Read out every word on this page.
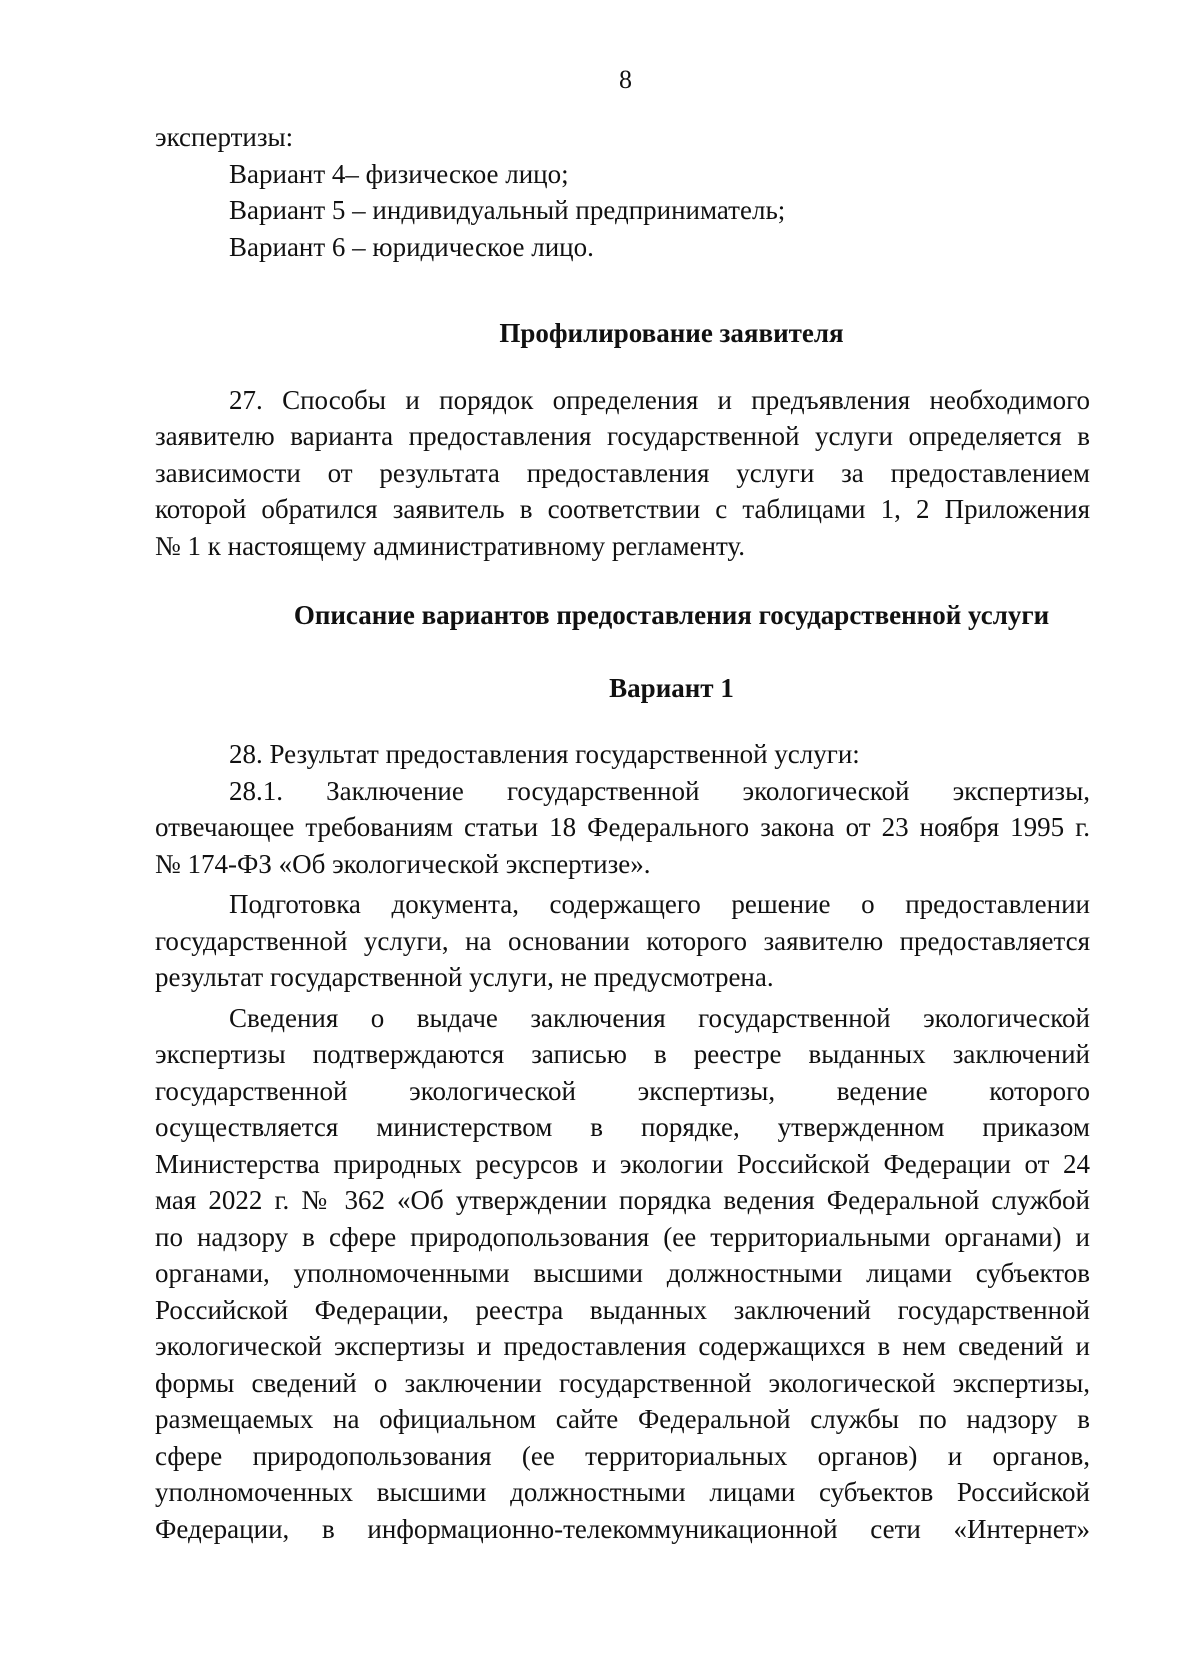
8

экспертизы:

Вариант 4– физическое лицо;

Вариант 5 – индивидуальный предприниматель;

Вариант 6 – юридическое лицо.

Профилирование заявителя

27. Способы и порядок определения и предъявления необходимого

заявителю варианта предоставления государственной услуги определяется в

зависимости от результата предоставления услуги за предоставлением

которой обратился заявитель в соответствии с таблицами 1, 2 Приложения

№ 1 к настоящему административному регламенту.

Описание вариантов предоставления государственной услуги
Вариант 1

28. Результат предоставления государственной услуги:

28.1. Заключение государственной экологической экспертизы,

отвечающее требованиям статьи 18 Федерального закона от 23 ноября 1995 г.

№ 174-ФЗ «Об экологической экспертизе».

Подготовка документа, содержащего решение о предоставлении

государственной услуги, на основании которого заявителю предоставляется

результат государственной услуги, не предусмотрена.

Сведения о выдаче заключения государственной экологической

экспертизы подтверждаются записью в реестре выданных заключений

государственной экологической экспертизы, ведение которого

осуществляется министерством в порядке, утвержденном приказом

Министерства природных ресурсов и экологии Российской Федерации от 24

мая 2022 г. № 362 «Об утверждении порядка ведения Федеральной службой

по надзору в сфере природопользования (ее территориальными органами) и

органами, уполномоченными высшими должностными лицами субъектов

Российской Федерации, реестра выданных заключений государственной

экологической экспертизы и предоставления содержащихся в нем сведений и

формы сведений о заключении государственной экологической экспертизы,

размещаемых на официальном сайте Федеральной службы по надзору в

сфере природопользования (ее территориальных органов) и органов,

уполномоченных высшими должностными лицами субъектов Российской

Федерации, в информационно-телекоммуникационной сети «Интернет»
